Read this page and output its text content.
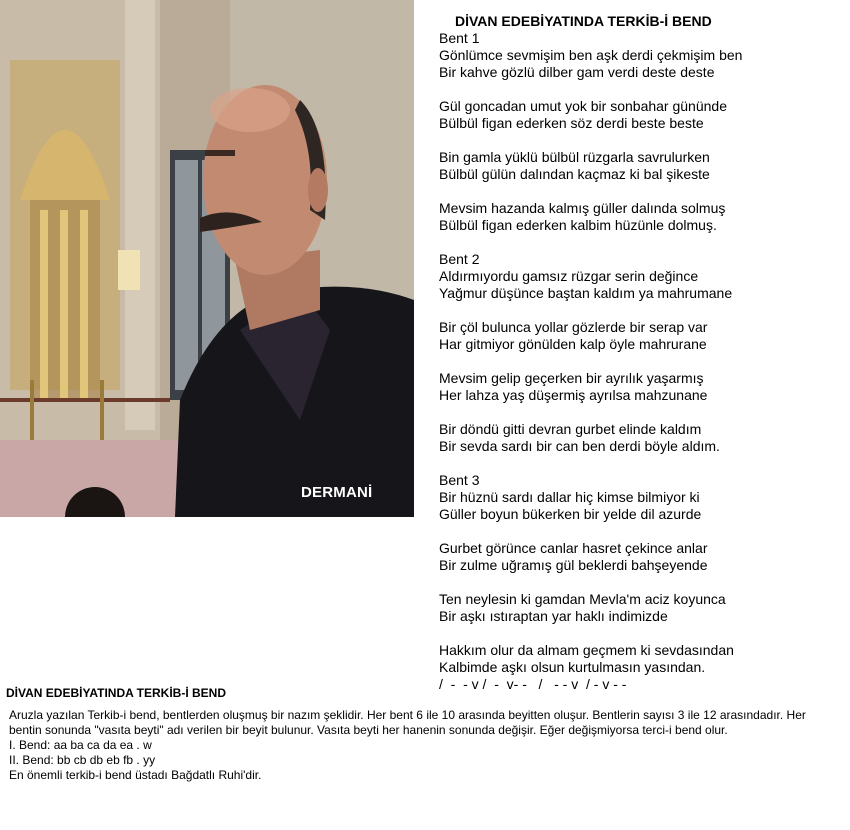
DERMANİ
DİVAN EDEBİYATINDA TERKİB-İ BEND
Bent 1
Gönlümce sevmişim ben aşk derdi çekmişim ben
Bir kahve gözlü dilber gam verdi deste deste
Gül goncadan umut yok bir sonbahar gününde
Bülbül figan ederken söz derdi beste beste
Bin gamla yüklü bülbül rüzgarla savrulurken
Bülbül gülün dalından kaçmaz ki bal şikeste
Mevsim hazanda kalmış güller dalında solmuş
Bülbül figan ederken kalbim hüzünle dolmuş.
Bent 2
Aldırmıyordu gamsız rüzgar serin değince
Yağmur düşünce baştan kaldım ya mahrumane
Bir çöl bulunca yollar gözlerde bir serap var
Har gitmiyor gönülden kalp öyle mahrurane
Mevsim gelip geçerken bir ayrılık yaşarmış
Her lahza yaş düşermiş ayrılsa mahzunane
Bir döndü gitti devran gurbet elinde kaldım
Bir sevda sardı bir can ben derdi böyle aldım.
Bent 3
Bir hüznü sardı dallar hiç kimse bilmiyor ki
Güller boyun bükerken bir yelde dil azurde
Gurbet görünce canlar hasret çekince anlar
Bir zulme uğramış gül beklerdi bahşeyende
Ten neylesin ki gamdan Mevla'm aciz koyunca
Bir aşkı ıstıraptan yar haklı indimizde
Hakkım olur da almam geçmem ki sevdasından
Kalbimde aşkı olsun kurtulmasın yasından.
/  -  - v /  -  v- -   /   - - v  / - v - -
DİVAN EDEBİYATINDA TERKİB-İ BEND
Aruzla yazılan Terkib-i bend, bentlerden oluşmuş bir nazım şeklidir. Her bent 6 ile 10 arasında beyitten oluşur. Bentlerin sayısı 3 ile 12 arasındadır. Her bentin sonunda "vasıta beyti" adı verilen bir beyit bulunur. Vasıta beyti her hanenin sonunda değişir. Eğer değişmiyorsa terci-i bend olur.
I. Bend: aa ba ca da ea . w
II. Bend: bb cb db eb fb . yy
En önemli terkib-i bend üstadı Bağdatlı Ruhi'dir.
